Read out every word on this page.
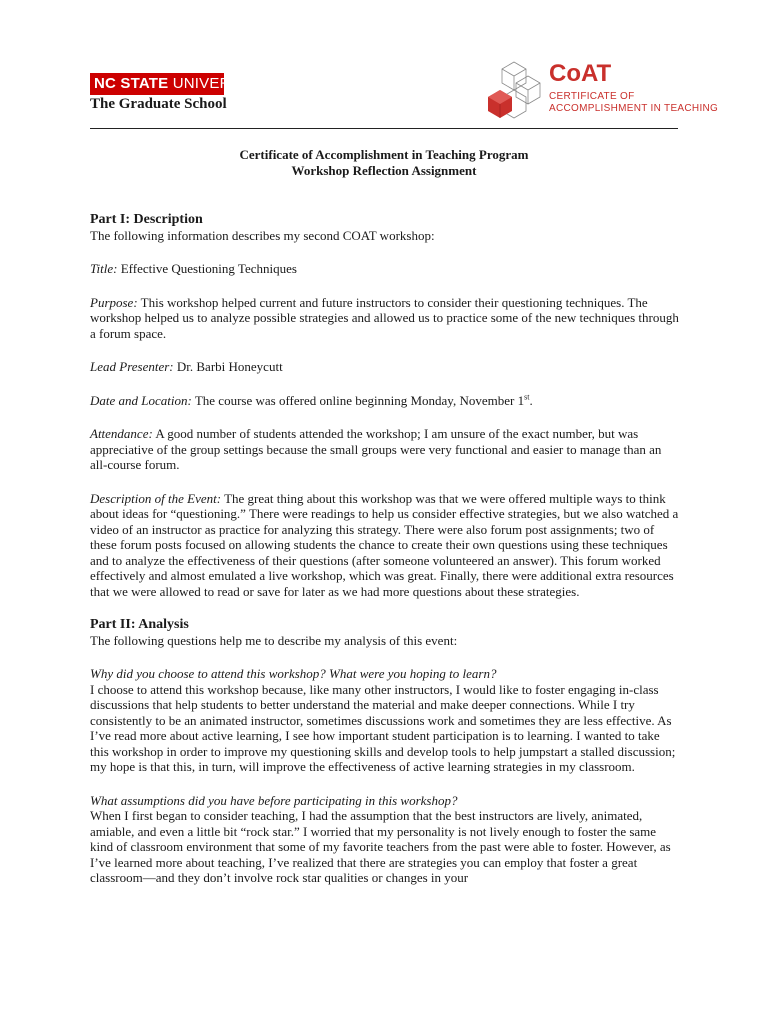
NC STATE UNIVERSITY
The Graduate School
CoAT
CERTIFICATE OF
ACCOMPLISHMENT IN TEACHING
Certificate of Accomplishment in Teaching Program
Workshop Reflection Assignment

Part I: Description

The following information describes my second COAT workshop:

Title: Effective Questioning Techniques

Purpose: This workshop helped current and future instructors to consider their questioning techniques. The workshop helped us to analyze possible strategies and allowed us to practice some of the new techniques through a forum space.

Lead Presenter: Dr. Barbi Honeycutt

Date and Location: The course was offered online beginning Monday, November 1st.

Attendance: A good number of students attended the workshop; I am unsure of the exact number, but was appreciative of the group settings because the small groups were very functional and easier to manage than an all-course forum.

Description of the Event: The great thing about this workshop was that we were offered multiple ways to think about ideas for “questioning.” There were readings to help us consider effective strategies, but we also watched a video of an instructor as practice for analyzing this strategy. There were also forum post assignments; two of these forum posts focused on allowing students the chance to create their own questions using these techniques and to analyze the effectiveness of their questions (after someone volunteered an answer). This forum worked effectively and almost emulated a live workshop, which was great. Finally, there were additional extra resources that we were allowed to read or save for later as we had more questions about these strategies.

Part II: Analysis

The following questions help me to describe my analysis of this event:

Why did you choose to attend this workshop? What were you hoping to learn?

I choose to attend this workshop because, like many other instructors, I would like to foster engaging in-class discussions that help students to better understand the material and make deeper connections. While I try consistently to be an animated instructor, sometimes discussions work and sometimes they are less effective. As I’ve read more about active learning, I see how important student participation is to learning. I wanted to take this workshop in order to improve my questioning skills and develop tools to help jumpstart a stalled discussion; my hope is that this, in turn, will improve the effectiveness of active learning strategies in my classroom.

What assumptions did you have before participating in this workshop?

When I first began to consider teaching, I had the assumption that the best instructors are lively, animated, amiable, and even a little bit “rock star.” I worried that my personality is not lively enough to foster the same kind of classroom environment that some of my favorite teachers from the past were able to foster. However, as I’ve learned more about teaching, I’ve realized that there are strategies you can employ that foster a great classroom—and they don’t involve rock star qualities or changes in your
